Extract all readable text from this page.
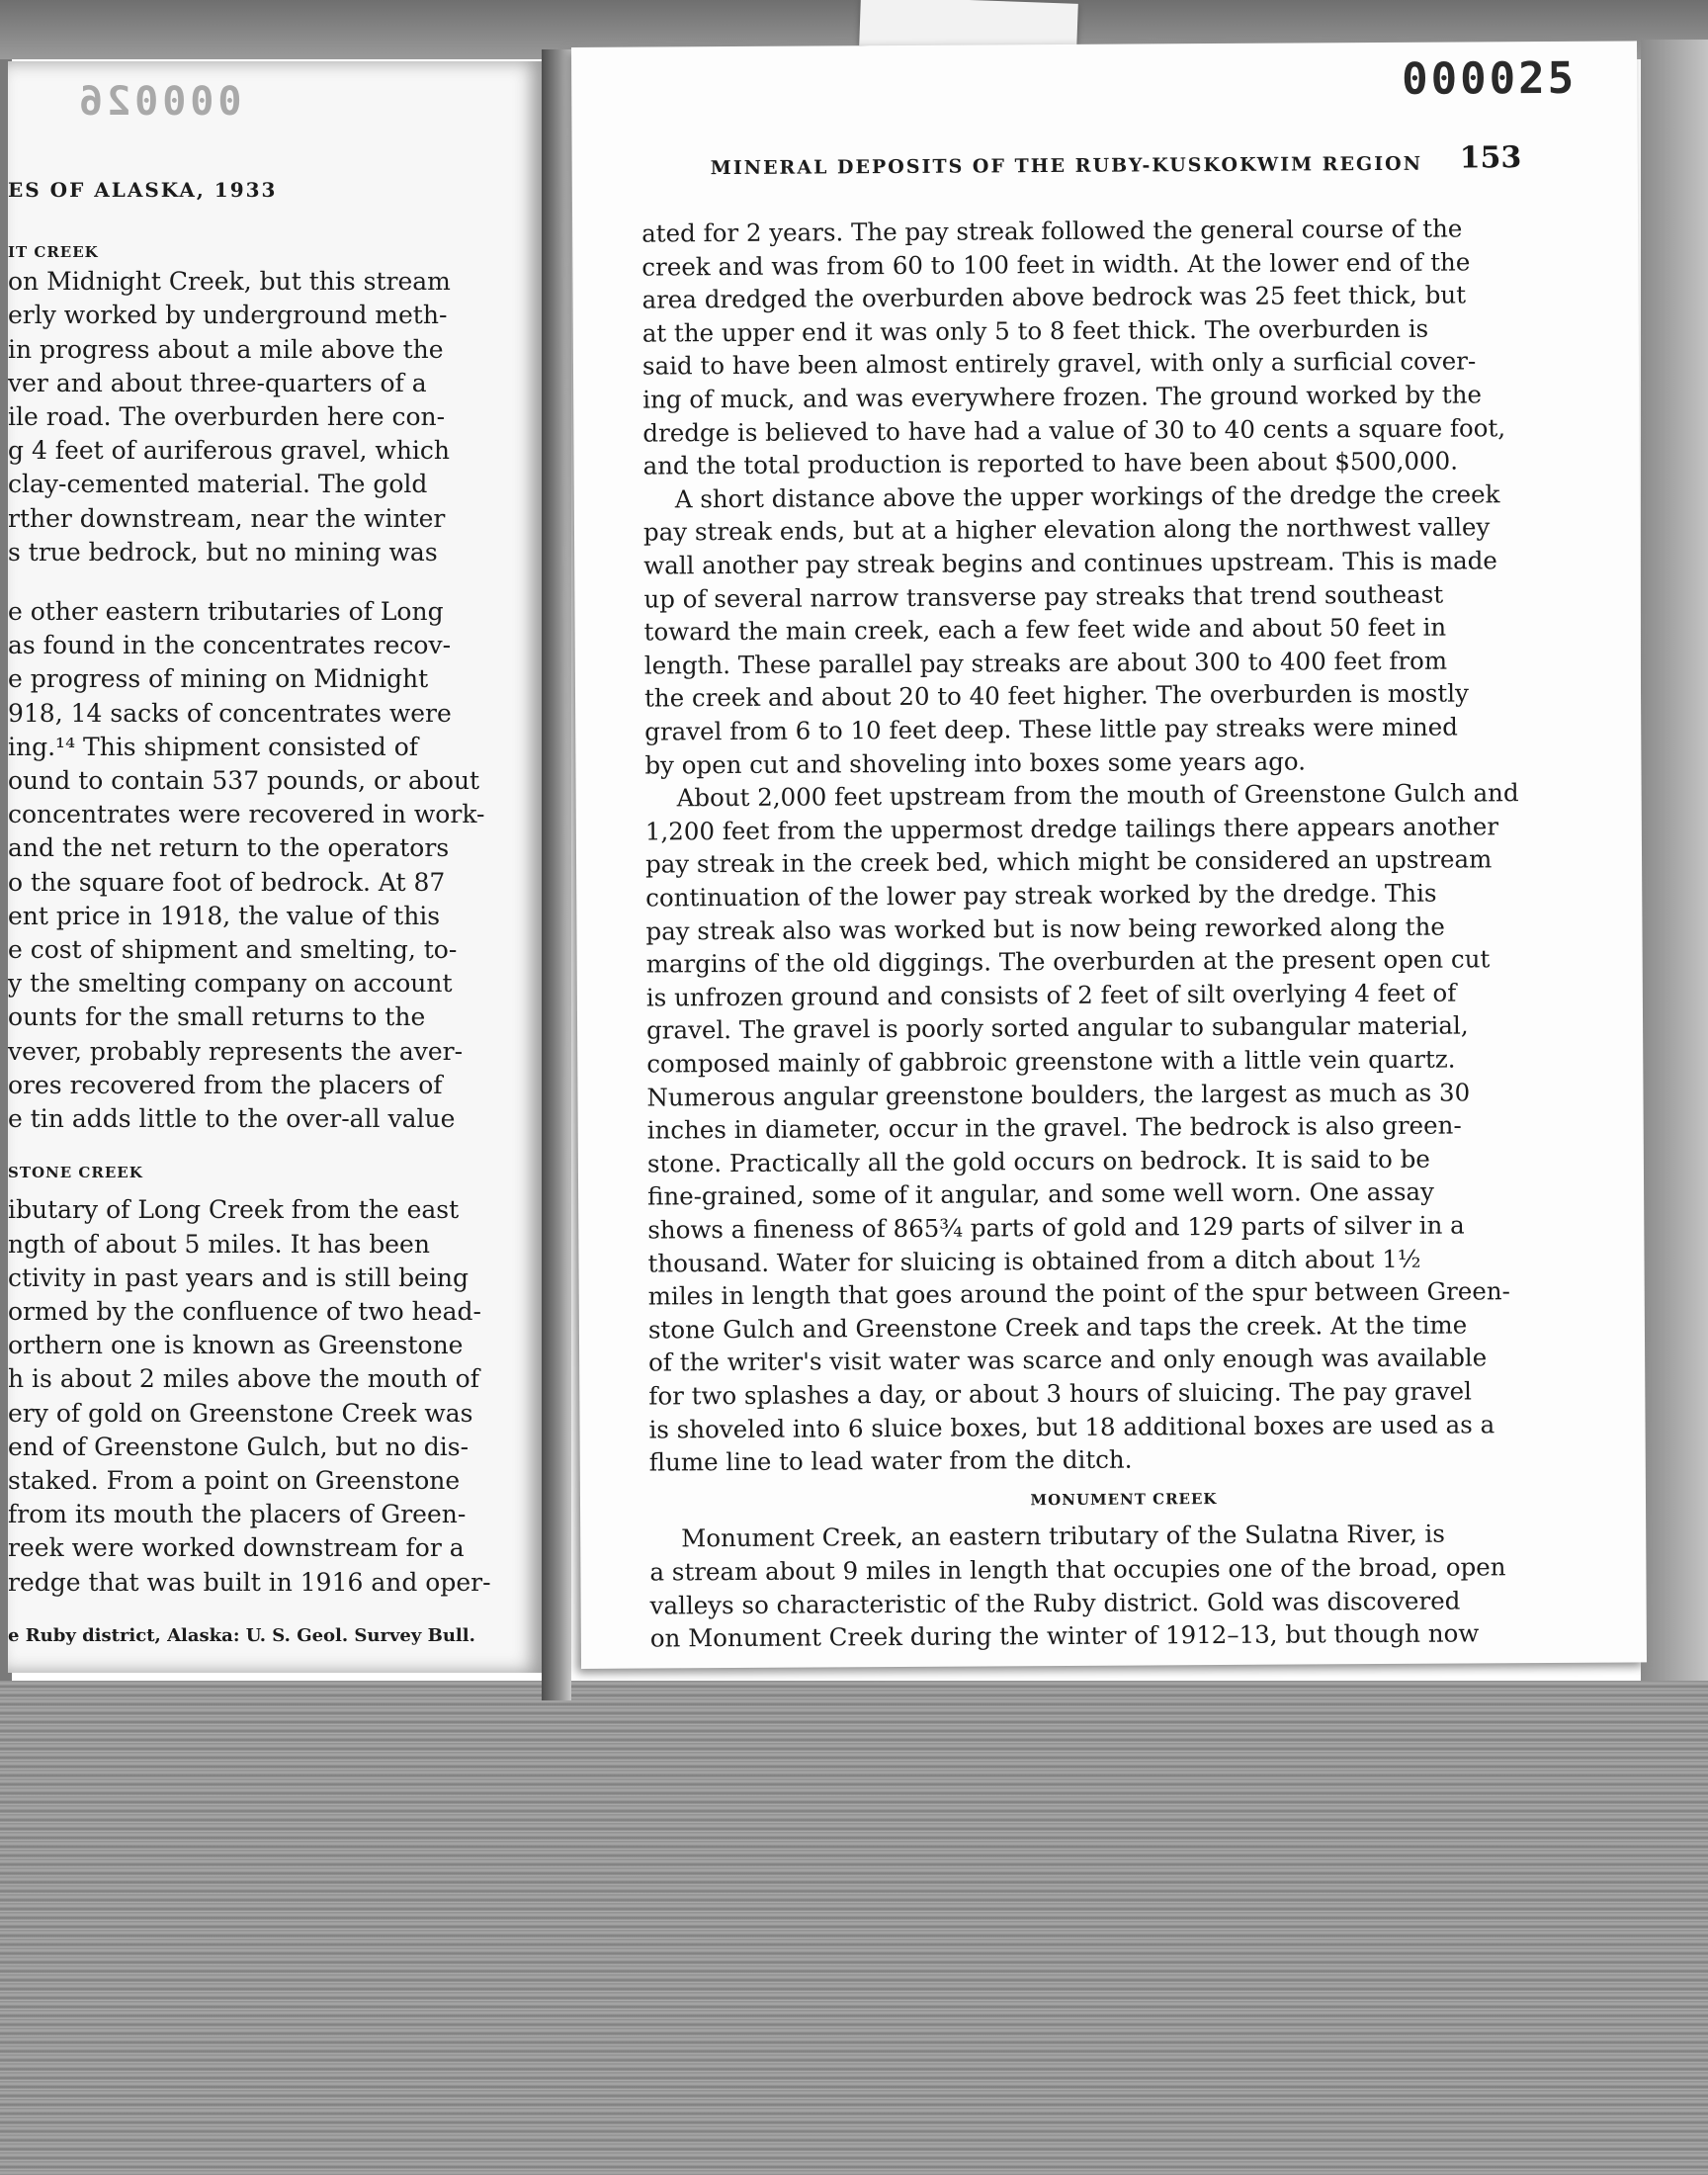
000026
ES OF ALASKA, 1933
IT CREEK
on Midnight Creek, but this stream
erly worked by underground meth-
in progress about a mile above the
ver and about three-quarters of a
ile road. The overburden here con-
g 4 feet of auriferous gravel, which
clay-cemented material. The gold
rther downstream, near the winter
s true bedrock, but no mining was
e other eastern tributaries of Long
as found in the concentrates recov-
e progress of mining on Midnight
918, 14 sacks of concentrates were
ing.¹⁴ This shipment consisted of
ound to contain 537 pounds, or about
concentrates were recovered in work-
and the net return to the operators
o the square foot of bedrock. At 87
ent price in 1918, the value of this
e cost of shipment and smelting, to-
y the smelting company on account
ounts for the small returns to the
vever, probably represents the aver-
ores recovered from the placers of
e tin adds little to the over-all value
STONE CREEK
ibutary of Long Creek from the east
ngth of about 5 miles. It has been
ctivity in past years and is still being
ormed by the confluence of two head-
orthern one is known as Greenstone
h is about 2 miles above the mouth of
ery of gold on Greenstone Creek was
end of Greenstone Gulch, but no dis-
staked. From a point on Greenstone
from its mouth the placers of Green-
reek were worked downstream for a
redge that was built in 1916 and oper-
e Ruby district, Alaska: U. S. Geol. Survey Bull.
000025
MINERAL DEPOSITS OF THE RUBY-KUSKOKWIM REGION 153
ated for 2 years. The pay streak followed the general course of the
creek and was from 60 to 100 feet in width. At the lower end of the
area dredged the overburden above bedrock was 25 feet thick, but
at the upper end it was only 5 to 8 feet thick. The overburden is
said to have been almost entirely gravel, with only a surficial cover-
ing of muck, and was everywhere frozen. The ground worked by the
dredge is believed to have had a value of 30 to 40 cents a square foot,
and the total production is reported to have been about $500,000.
A short distance above the upper workings of the dredge the creek
pay streak ends, but at a higher elevation along the northwest valley
wall another pay streak begins and continues upstream. This is made
up of several narrow transverse pay streaks that trend southeast
toward the main creek, each a few feet wide and about 50 feet in
length. These parallel pay streaks are about 300 to 400 feet from
the creek and about 20 to 40 feet higher. The overburden is mostly
gravel from 6 to 10 feet deep. These little pay streaks were mined
by open cut and shoveling into boxes some years ago.
About 2,000 feet upstream from the mouth of Greenstone Gulch and
1,200 feet from the uppermost dredge tailings there appears another
pay streak in the creek bed, which might be considered an upstream
continuation of the lower pay streak worked by the dredge. This
pay streak also was worked but is now being reworked along the
margins of the old diggings. The overburden at the present open cut
is unfrozen ground and consists of 2 feet of silt overlying 4 feet of
gravel. The gravel is poorly sorted angular to subangular material,
composed mainly of gabbroic greenstone with a little vein quartz.
Numerous angular greenstone boulders, the largest as much as 30
inches in diameter, occur in the gravel. The bedrock is also green-
stone. Practically all the gold occurs on bedrock. It is said to be
fine-grained, some of it angular, and some well worn. One assay
shows a fineness of 865¾ parts of gold and 129 parts of silver in a
thousand. Water for sluicing is obtained from a ditch about 1½
miles in length that goes around the point of the spur between Green-
stone Gulch and Greenstone Creek and taps the creek. At the time
of the writer's visit water was scarce and only enough was available
for two splashes a day, or about 3 hours of sluicing. The pay gravel
is shoveled into 6 sluice boxes, but 18 additional boxes are used as a
flume line to lead water from the ditch.
MONUMENT CREEK
Monument Creek, an eastern tributary of the Sulatna River, is
a stream about 9 miles in length that occupies one of the broad, open
valleys so characteristic of the Ruby district. Gold was discovered
on Monument Creek during the winter of 1912–13, but though now
